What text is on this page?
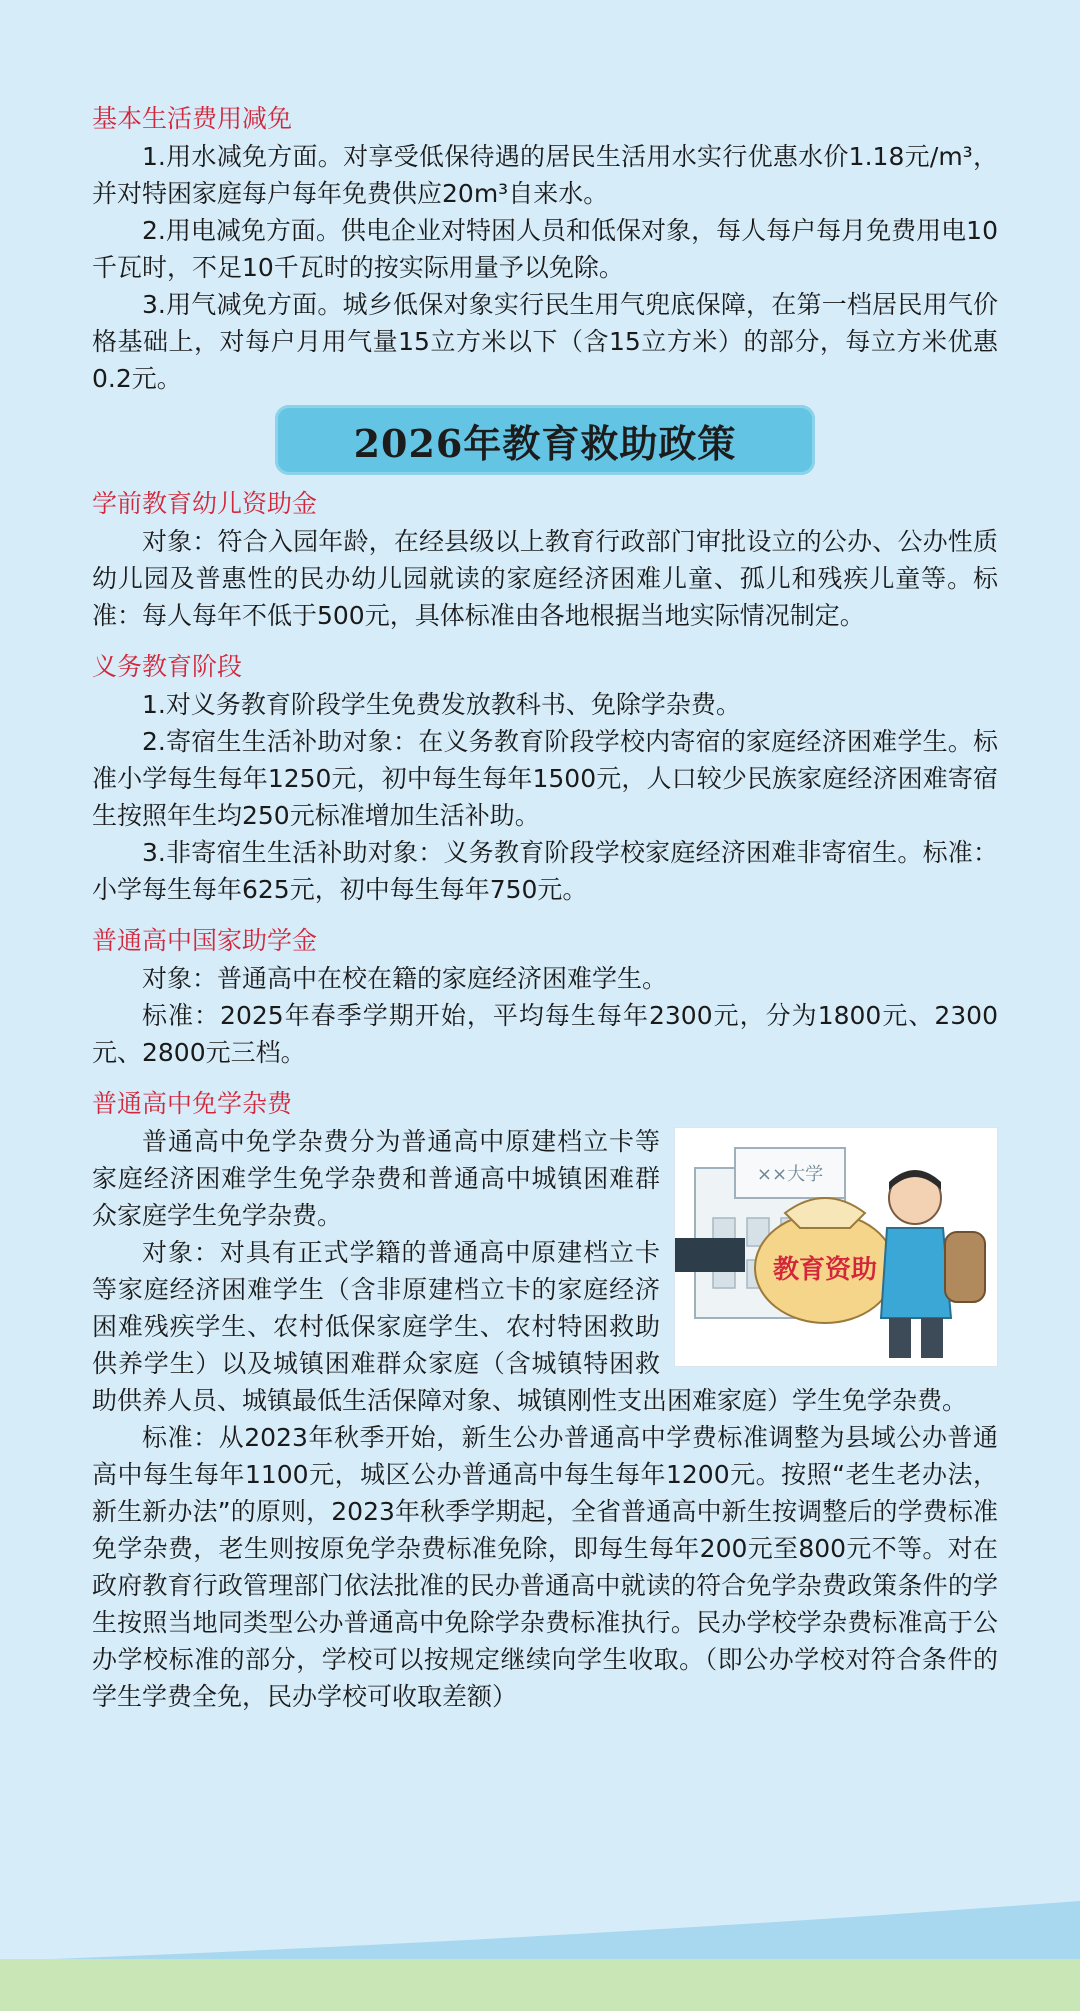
基本生活费用减免

1.用水减免方面。对享受低保待遇的居民生活用水实行优惠水价1.18元/m³，并对特困家庭每户每年免费供应20m³自来水。

2.用电减免方面。供电企业对特困人员和低保对象，每人每户每月免费用电10千瓦时，不足10千瓦时的按实际用量予以免除。

3.用气减免方面。城乡低保对象实行民生用气兜底保障，在第一档居民用气价格基础上，对每户月用气量15立方米以下（含15立方米）的部分，每立方米优惠0.2元。

2026年教育救助政策
学前教育幼儿资助金

对象：符合入园年龄，在经县级以上教育行政部门审批设立的公办、公办性质幼儿园及普惠性的民办幼儿园就读的家庭经济困难儿童、孤儿和残疾儿童等。标准：每人每年不低于500元，具体标准由各地根据当地实际情况制定。

义务教育阶段

1.对义务教育阶段学生免费发放教科书、免除学杂费。

2.寄宿生生活补助对象：在义务教育阶段学校内寄宿的家庭经济困难学生。标准小学每生每年1250元，初中每生每年1500元，人口较少民族家庭经济困难寄宿生按照年生均250元标准增加生活补助。

3.非寄宿生生活补助对象：义务教育阶段学校家庭经济困难非寄宿生。标准：小学每生每年625元，初中每生每年750元。

普通高中国家助学金

对象：普通高中在校在籍的家庭经济困难学生。

标准：2025年春季学期开始，平均每生每年2300元，分为1800元、2300元、2800元三档。

普通高中免学杂费
××大学
教育资助

普通高中免学杂费分为普通高中原建档立卡等家庭经济困难学生免学杂费和普通高中城镇困难群众家庭学生免学杂费。

对象：对具有正式学籍的普通高中原建档立卡等家庭经济困难学生（含非原建档立卡的家庭经济困难残疾学生、农村低保家庭学生、农村特困救助供养学生）以及城镇困难群众家庭（含城镇特困救助供养人员、城镇最低生活保障对象、城镇刚性支出困难家庭）学生免学杂费。

标准：从2023年秋季开始，新生公办普通高中学费标准调整为县域公办普通高中每生每年1100元，城区公办普通高中每生每年1200元。按照“老生老办法，新生新办法”的原则，2023年秋季学期起，全省普通高中新生按调整后的学费标准免学杂费，老生则按原免学杂费标准免除，即每生每年200元至800元不等。对在政府教育行政管理部门依法批准的民办普通高中就读的符合免学杂费政策条件的学生按照当地同类型公办普通高中免除学杂费标准执行。民办学校学杂费标准高于公办学校标准的部分，学校可以按规定继续向学生收取。（即公办学校对符合条件的学生学费全免，民办学校可收取差额）
